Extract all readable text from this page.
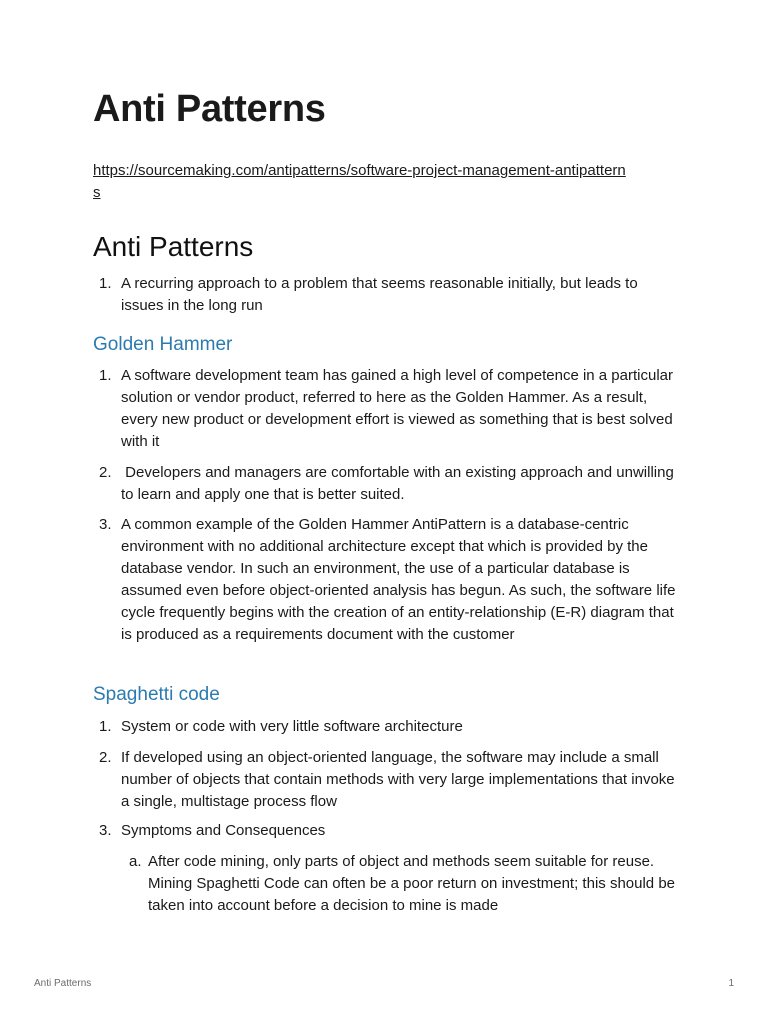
Anti Patterns
https://sourcemaking.com/antipatterns/software-project-management-antipatterns
Anti Patterns
1. A recurring approach to a problem that seems reasonable initially, but leads to issues in the long run
Golden Hammer
1. A software development team has gained a high level of competence in a particular solution or vendor product, referred to here as the Golden Hammer. As a result, every new product or development effort is viewed as something that is best solved with it
2. Developers and managers are comfortable with an existing approach and unwilling to learn and apply one that is better suited.
3. A common example of the Golden Hammer AntiPattern is a database-centric environment with no additional architecture except that which is provided by the database vendor. In such an environment, the use of a particular database is assumed even before object-oriented analysis has begun. As such, the software life cycle frequently begins with the creation of an entity-relationship (E-R) diagram that is produced as a requirements document with the customer
Spaghetti code
1. System or code with very little software architecture
2. If developed using an object-oriented language, the software may include a small number of objects that contain methods with very large implementations that invoke a single, multistage process flow
3. Symptoms and Consequences
a. After code mining, only parts of object and methods seem suitable for reuse. Mining Spaghetti Code can often be a poor return on investment; this should be taken into account before a decision to mine is made
Anti Patterns	1
